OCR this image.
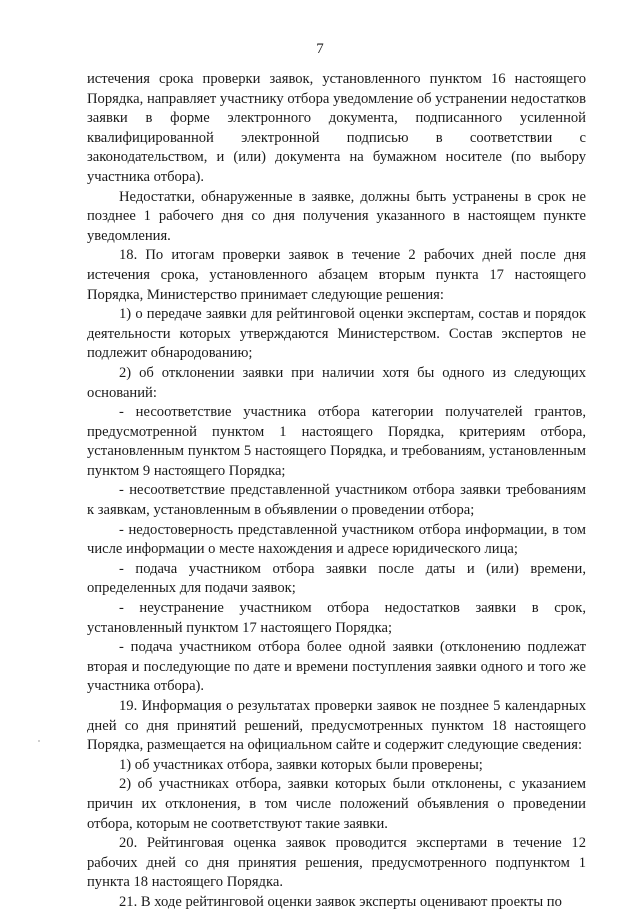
7

истечения срока проверки заявок, установленного пунктом 16 настоящего Порядка, направляет участнику отбора уведомление об устранении недостатков заявки в форме электронного документа, подписанного усиленной квалифицированной электронной подписью в соответствии с законодательством, и (или) документа на бумажном носителе (по выбору участника отбора).

Недостатки, обнаруженные в заявке, должны быть устранены в срок не позднее 1 рабочего дня со дня получения указанного в настоящем пункте уведомления.

18. По итогам проверки заявок в течение 2 рабочих дней после дня истечения срока, установленного абзацем вторым пункта 17 настоящего Порядка, Министерство принимает следующие решения:

1) о передаче заявки для рейтинговой оценки экспертам, состав и порядок деятельности которых утверждаются Министерством. Состав экспертов не подлежит обнародованию;

2) об отклонении заявки при наличии хотя бы одного из следующих оснований:

- несоответствие участника отбора категории получателей грантов, предусмотренной пунктом 1 настоящего Порядка, критериям отбора, установленным пунктом 5 настоящего Порядка, и требованиям, установленным пунктом 9 настоящего Порядка;

- несоответствие представленной участником отбора заявки требованиям к заявкам, установленным в объявлении о проведении отбора;

- недостоверность представленной участником отбора информации, в том числе информации о месте нахождения и адресе юридического лица;

- подача участником отбора заявки после даты и (или) времени, определенных для подачи заявок;

- неустранение участником отбора недостатков заявки в срок, установленный пунктом 17 настоящего Порядка;

- подача участником отбора более одной заявки (отклонению подлежат вторая и последующие по дате и времени поступления заявки одного и того же участника отбора).

19. Информация о результатах проверки заявок не позднее 5 календарных дней со дня принятий решений, предусмотренных пунктом 18 настоящего Порядка, размещается на официальном сайте и содержит следующие сведения:

1) об участниках отбора, заявки которых были проверены;

2) об участниках отбора, заявки которых были отклонены, с указанием причин их отклонения, в том числе положений объявления о проведении отбора, которым не соответствуют такие заявки.

20. Рейтинговая оценка заявок проводится экспертами в течение 12 рабочих дней со дня принятия решения, предусмотренного подпунктом 1 пункта 18 настоящего Порядка.

21. В ходе рейтинговой оценки заявок эксперты оценивают проекты по
